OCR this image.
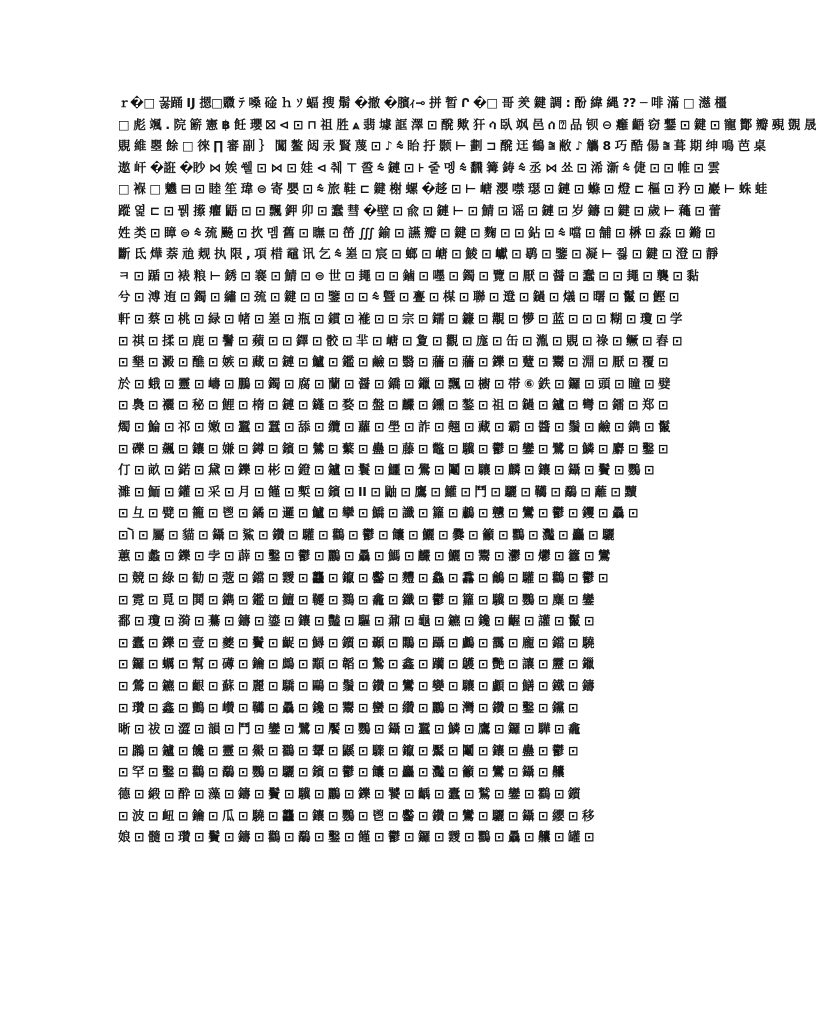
ｒ�□ 꿇踊 Ĳ 摁□覹 ﾃ 嗓 碒 ｈ ｿ 蝠 搜 鬅 �撤 �臏ｨ⊸ 拼 暂 Ր �□ 哥 羑 鍵 調 : 酚 緯 縄 ?? ─ 啡 滿 □ 濨 橿
□ 彪 颯 . 院 簖 憲 ฿ 飪 瓔 ⛝ ⊲ ⊡ ⊓ 祖 胜 ⩓ 翡 壉 誆 澤 ⊡ 醗 歟 犴 ሳ 臥 飒 ⾢ ሰ ⍰ 品 钡 ⊖ 癰 齬 窃 鑋 ⊡ 鍵 ⊡ 寵 酇 瓣 覡 覴 晟
覞 維 瞾 餘 □ 徠 ∏ 審 副 ｝ 闖 鳌 闼 汞 賢 蔑 ⊡ ♪ ⩯ 眙 扜 颢 ⊢ 劃 ⊐ 醗 迋 鶴 ⩰ 敝 ♪ 觿 8 巧 酷 偒 ⩰ 葺 期 绅 鳴 芭 桌
遨 屽 �誑 �眇 ⋈ 娭 쒤 ⊡ ⋈ ⊡ 娃 ⊲ 췌 ⊤ 巹 ⩯ 鏈 ⊡ ⊦ 줄 멩 ⩯ 飜 篝 鋳 ⩯ 丞 ⋈ 쑈 ⊡ 浠 澵 ⩯ 倢 ⊡ ⊡ 帷 ⊡ 雲
□ 褓 □ 魕 ⊟ ⊡ 睦 笙 瑋 ⊜ 寄 嬰 ⊡ ⩯ 旅 鞋 ⊏ 鍵 榭 螺 �趍 ⊡ ⊢ 嵣 瀴 噤 璱 ⊡ 鏈 ⊡ 螩 ⊡ 燈 ⊏ 樞 ⊡ 矜 ⊡ 巖 ⊢ 蛛 蛙
蹤 엹 ⊏ ⊡ 뭵 攃 癯 鼯 ⊡ ⊡ 飄 鉀 卯 ⊡ 蠢 彗 �壁 ⊡ 兪 ⊡ 鏈 ⊢ ⊡ 鯖 ⊡ 谣 ⊡ 鏈 ⊡ 岁 鑄 ⊡ 鍵 ⊡ 歲 ⊢ 蘒 ⊡ 蕾
姓 类 ⊡ 瞕 ⊜ ⩯ 巯 飈 ⊡ 扻 멤 舊 ⊡ 瞴 ⊡ 嵤 ∭ 鍮 ⊡ 讌 瓣 ⊡ 鍵 ⊡ 麴 ⊡ ⊡ 鉆 ⊡ ⩯ 噹 ⊡ 舗 ⊡ 楙 ⊡ 淼 ⊡ 鏅 ⊡
斷 氐 燁 萘 兘 觌 执 限 , 項 棤 黿 讯 乞 ⩯ 嵳 ⊡ 宸 ⊡ 螂 ⊡ 嵣 ⊡ 鯪 ⊡ 巘 ⊡ 鹖 ⊡ 鑒 ⊡ 凝 ⊢ 쯿 ⊡ 鍵 ⊡ 澄 ⊡ 靜
ㅋ ⊡ 踲 ⊡ 裱 粮 ⊢ 銹 ⊡ 褰 ⊡ 鯖 ⊡ ⊜ 世 ⊡ 䵷 ⊡ ⊡ 鏀 ⊡ 嚜 ⊡ 鐲 ⊡ 覽 ⊡ 厭 ⊡ 醤 ⊡ 蠢 ⊡ ⊡ 䵷 ⊡ 襲 ⊡ 黏
兮 ⊡ 溥 迶 ⊡ 鐲 ⊡ 繡 ⊡ 巯 ⊡ 鍵 ⊡ ⊡ 鑒 ⊡ ⊡ ⩯ 曁 ⊡ 亹 ⊡ 楳 ⊡ 聯 ⊡ 邆 ⊡ 鐹 ⊡ 燨 ⊡ 曙 ⊡ 鬣 ⊡ 鰹 ⊡
軒 ⊡ 蔡 ⊡ 桃 ⊡ 緑 ⊡ 帾 ⊡ 嵳 ⊡ 瓶 ⊡ 鏆 ⊡ 褦 ⊡ ⊡ 宗 ⊡ 鑐 ⊡ 鐮 ⊡ 覯 ⊡ 懜 ⊡ 蓝 ⊡ ⊡ ⊡ 糊 ⊡ 瓊 ⊡ 学
⊡ 祺 ⊡ 揉 ⊡ 鹿 ⊡ 鬐 ⊡ 蘋 ⊡ ⊡ 鐸 ⊡ 骹 ⊡ 羋 ⊡ 嵣 ⊡ 夐 ⊡ 觀 ⊡ 庬 ⊡ 缶 ⊡ 湚 ⊡ 覞 ⊡ 祿 ⊡ 鳜 ⊡ 舂 ⊡
⊡ 墾 ⊡ 澱 ⊡ 醮 ⊡ 嫉 ⊡ 藏 ⊡ 鏈 ⊡ 鱸 ⊡ 鑑 ⊡ 鹼 ⊡ 翳 ⊡ 蘠 ⊡ 蘠 ⊡ 鑠 ⊡ 躠 ⊡ 鬻 ⊡ 淵 ⊡ 厭 ⊡ 覆 ⊡
於 ⊡ 蛾 ⊡ 靈 ⊡ 嶹 ⊡ 鵬 ⊡ 鐲 ⊡ 腐 ⊡ 蘭 ⊡ 醤 ⊡ 鐈 ⊡ 鑞 ⊡ 飄 ⊡ 櫥 ⊡ 帯 ⑥ 鉄 ⊡ 鑼 ⊡ 頭 ⊡ 瞳 ⊡ 嬖
⊡ 裊 ⊡ 襹 ⊡ 秘 ⊡ 鯉 ⊡ 楕 ⊡ 鏈 ⊡ 鑝 ⊡ 婺 ⊡ 盤 ⊡ 麣 ⊡ 鑂 ⊡ 鏊 ⊡ 祖 ⊡ 鐹 ⊡ 鑪 ⊡ 彎 ⊡ 鐳 ⊡ 郑 ⊡
燭 ⊡ 鯩 ⊡ 祁 ⊡ 嫩 ⊡ 蠶 ⊡ 蠺 ⊡ 舔 ⊡ 纜 ⊡ 蘿 ⊡ 壆 ⊡ 詐 ⊡ 翹 ⊡ 藏 ⊡ 霸 ⊡ 醬 ⊡ 鬚 ⊡ 鹼 ⊡ 鐫 ⊡ 鬣
⊡ 礫 ⊡ 飆 ⊡ 鑲 ⊡ 嫌 ⊡ 鐏 ⊡ 鑌 ⊡ 鷥 ⊡ 蘩 ⊡ 蠱 ⊡ 藤 ⊡ 鼈 ⊡ 驥 ⊡ 鬱 ⊡ 鑾 ⊡ 鷺 ⊡ 鱗 ⊡ 麝 ⊡ 鑿 ⊡
仃 ⊡ 畝 ⊡ 鍩 ⊡ 黛 ⊡ 鑠 ⊡ 彬 ⊡ 鐙 ⊡ 鑪 ⊡ 鬟 ⊡ 鱷 ⊡ 鷽 ⊡ 鬮 ⊡ 驤 ⊡ 麟 ⊡ 鑲 ⊡ 鑷 ⊡ 鬢 ⊡ 鸚 ⊡
濉 ⊡ 鮞 ⊡ 鑵 ⊡ 采 ⊡ 月 ⊡ 饉 ⊡ 槧 ⊡ 鑌 ⊡ II ⊡ 鼬 ⊡ 鷹 ⊡ 鱹 ⊡ 鬥 ⊡ 驪 ⊡ 韉 ⊡ 鷸 ⊡ 蘺 ⊡ 黷
⊡ 彑 ⊡ 甓 ⊡ 籠 ⊡ 鬯 ⊡ 鐍 ⊡ 邏 ⊡ 鱸 ⊡ 攣 ⊡ 鱎 ⊡ 讖 ⊡ 籮 ⊡ 鷫 ⊡ 戇 ⊡ 鸞 ⊡ 鬱 ⊡ 钁 ⊡ 驫 ⊡
⊡ 𑂷 ⊡ 屬 ⊡ 貓 ⊡ 鑷 ⊡ 鯊 ⊡ 鑽 ⊡ 驩 ⊡ 鸛 ⊡ 鬱 ⊡ 饢 ⊡ 鱺 ⊡ 爨 ⊡ 籲 ⊡ 鸜 ⊡ 灩 ⊡ 麤 ⊡ 驪
蕙 ⊡ 蠡 ⊡ 鑠 ⊡ 孛 ⊡ 薜 ⊡ 鑿 ⊡ 鬱 ⊡ 鸝 ⊡ 驫 ⊡ 鰢 ⊡ 麣 ⊡ 鱺 ⊡ 鬻 ⊡ 灪 ⊡ 爩 ⊡ 籱 ⊡ 鸞
⊡ 競 ⊡ 綠 ⊡ 勧 ⊡ 蔲 ⊡ 鐺 ⊡ 靉 ⊡ 龘 ⊡ 鑹 ⊡ 齾 ⊡ 麷 ⊡ 鱻 ⊡ 馫 ⊡ 鸙 ⊡ 驩 ⊡ 鸛 ⊡ 鬱 ⊡
⊡ 霓 ⊡ 覓 ⊡ 鬨 ⊡ 鐫 ⊡ 鑑 ⊡ 鱣 ⊡ 韆 ⊡ 鷚 ⊡ 龕 ⊡ 鑯 ⊡ 鬱 ⊡ 籮 ⊡ 驥 ⊡ 鸚 ⊡ 麋 ⊡ 鑾
鄱 ⊡ 瓊 ⊡ 漪 ⊡ 驀 ⊡ 鑄 ⊡ 鎏 ⊡ 鑲 ⊡ 豔 ⊡ 驅 ⊡ 鼐 ⊡ 龜 ⊡ 鑣 ⊡ 鑱 ⊡ 齷 ⊡ 讙 ⊡ 鬣 ⊡
⊡ 蠹 ⊡ 鑠 ⊡ 壹 ⊡ 夔 ⊡ 鬢 ⊡ 齪 ⊡ 鱘 ⊡ 鑕 ⊡ 顳 ⊡ 鷴 ⊡ 躡 ⊡ 鸕 ⊡ 靄 ⊡ 龐 ⊡ 鐺 ⊡ 驍
⊡ 鑼 ⊡ 蠣 ⊡ 幫 ⊡ 礡 ⊡ 鑰 ⊡ 鷓 ⊡ 顬 ⊡ 韜 ⊡ 鷙 ⊡ 鑫 ⊡ 躪 ⊡ 鸌 ⊡ 艷 ⊡ 讓 ⊡ 靂 ⊡ 鑞
⊡ 鶯 ⊡ 鑣 ⊡ 齦 ⊡ 蘇 ⊡ 麗 ⊡ 驕 ⊡ 鷗 ⊡ 鬚 ⊡ 鑽 ⊡ 鸞 ⊡ 孌 ⊡ 驤 ⊡ 顱 ⊡ 鱔 ⊡ 鐵 ⊡ 鑄
⊡ 瓚 ⊡ 鑫 ⊡ 鸇 ⊡ 巑 ⊡ 韉 ⊡ 驫 ⊡ 鑱 ⊡ 鬻 ⊡ 蠻 ⊡ 纘 ⊡ 鸝 ⊡ 灣 ⊡ 鑽 ⊡ 鑿 ⊡ 钂 ⊡
晰 ⊡ 祓 ⊡ 澀 ⊡ 韻 ⊡ 鬥 ⊡ 鑾 ⊡ 鷺 ⊡ 饜 ⊡ 鸚 ⊡ 鑷 ⊡ 蠶 ⊡ 鱗 ⊡ 鷹 ⊡ 鑼 ⊡ 驊 ⊡ 龕
⊡ 鸊 ⊡ 鑪 ⊡ 饞 ⊡ 靈 ⊡ 鱟 ⊡ 鸐 ⊡ 顰 ⊡ 鼷 ⊡ 驟 ⊡ 鑹 ⊡ 黶 ⊡ 鬮 ⊡ 鑲 ⊡ 蠱 ⊡ 鬱 ⊡
⊡ 罕 ⊡ 鑿 ⊡ 鸛 ⊡ 鷸 ⊡ 鸚 ⊡ 驪 ⊡ 鑌 ⊡ 鬱 ⊡ 饢 ⊡ 麤 ⊡ 灩 ⊡ 籲 ⊡ 鸞 ⊡ 鑷 ⊡ 齉
德 ⊡ 緞 ⊡ 酔 ⊡ 藻 ⊡ 鑄 ⊡ 鬢 ⊡ 驥 ⊡ 鸝 ⊡ 鑠 ⊡ 饕 ⊡ 齲 ⊡ 蠹 ⊡ 鷲 ⊡ 鑾 ⊡ 鸖 ⊡ 鑕
⊡ 波 ⊡ 衄 ⊡ 鑰 ⊡ 瓜 ⊡ 驍 ⊡ 龘 ⊡ 鑲 ⊡ 鸚 ⊡ 鬯 ⊡ 齾 ⊡ 鑽 ⊡ 鸞 ⊡ 驪 ⊡ 鑷 ⊡ 纓 ⊡ 移
娘 ⊡ 髓 ⊡ 瓚 ⊡ 鬢 ⊡ 鑄 ⊡ 鸛 ⊡ 鷸 ⊡ 鑿 ⊡ 饉 ⊡ 鬱 ⊡ 鑼 ⊡ 靉 ⊡ 鸜 ⊡ 驫 ⊡ 齉 ⊡ 罐 ⊡
